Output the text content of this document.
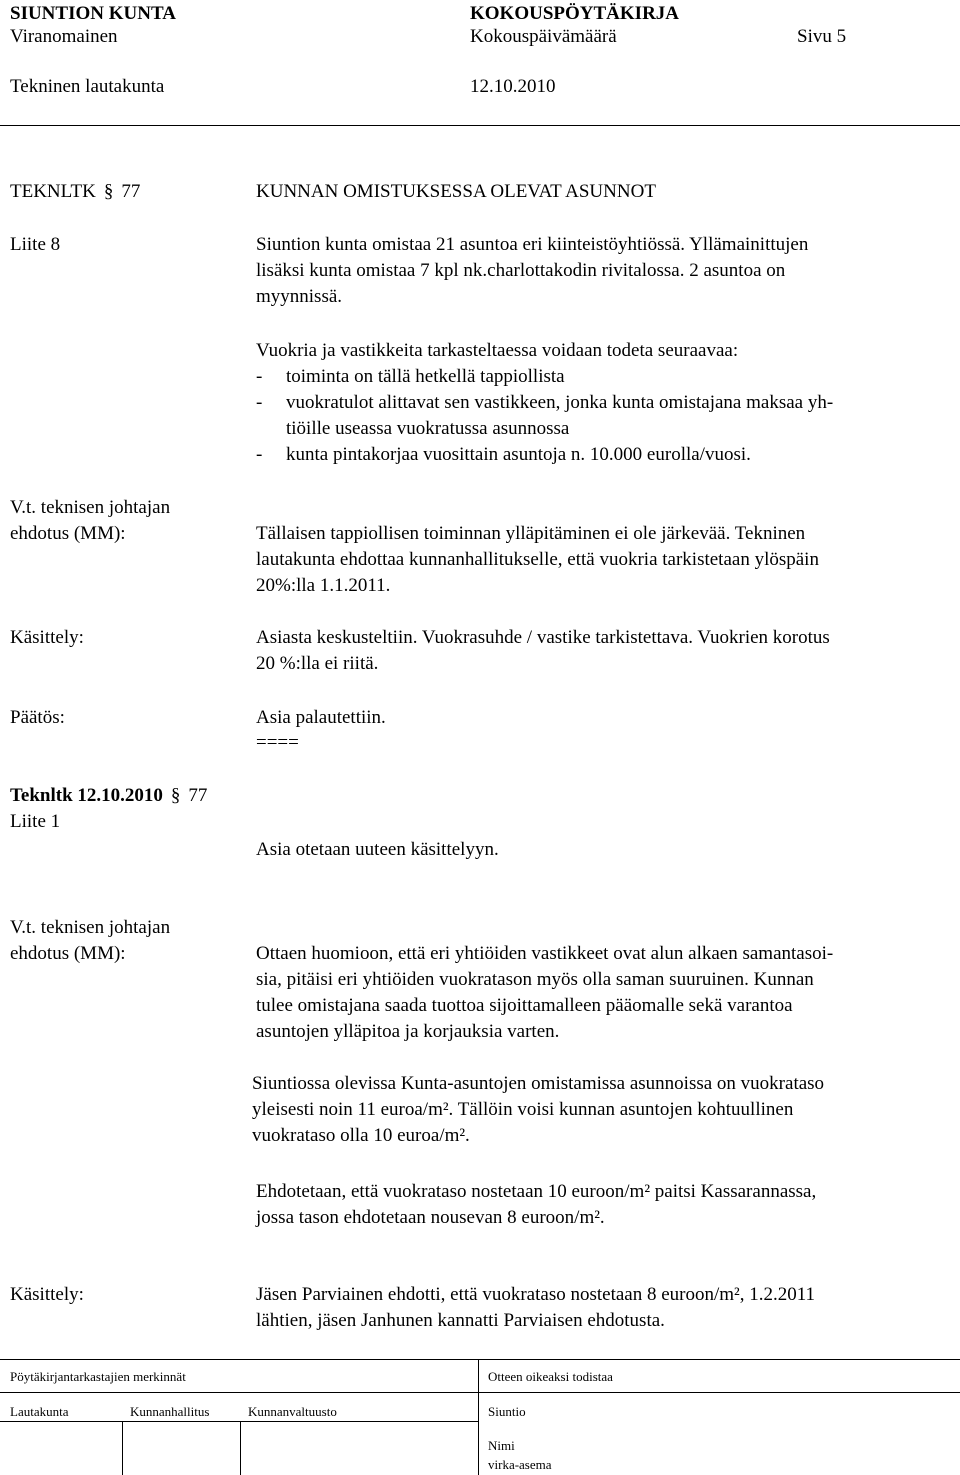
SIUNTION KUNTA	KOKOUSPÖYTÄKIRJA
Viranomainen	Kokouspäivämäärä	Sivu 5
Tekninen lautakunta	12.10.2010
TEKNLTK § 77	KUNNAN OMISTUKSESSA OLEVAT ASUNNOT
Liite 8	Siuntion kunta omistaa 21 asuntoa eri kiinteistöyhtiössä. Yllämainittujen
lisäksi kunta omistaa 7 kpl nk.charlottakodin rivitalossa. 2 asuntoa on
myynnissä.
Vuokria ja vastikkeita tarkasteltaessa voidaan todeta seuraavaa:
- toiminta on tällä hetkellä tappiollista
- vuokratulot alittavat sen vastikkeen, jonka kunta omistajana maksaa yh-
tiöille useassa vuokratussa asunnossa
- kunta pintakorjaa vuosittain asuntoja n. 10.000 eurolla/vuosi.
V.t. teknisen johtajan
ehdotus (MM):	Tällaisen tappiollisen toiminnan ylläpitäminen ei ole järkevää. Tekninen
lautakunta ehdottaa kunnanhallitukselle, että vuokria tarkistetaan ylöspäin
20%:lla 1.1.2011.
Käsittely:	Asiasta keskusteltiin. Vuokrasuhde / vastike tarkistettava. Vuokrien korotus
20 %:lla ei riitä.
Päätös:	Asia palautettiin.
====
Teknltk 12.10.2010 § 77
Liite 1
Asia otetaan uuteen käsittelyyn.
V.t. teknisen johtajan
ehdotus (MM):	Ottaen huomioon, että eri yhtiöiden vastikkeet ovat alun alkaen samantasoi-
sia, pitäisi eri yhtiöiden vuokratason myös olla saman suuruinen. Kunnan
tulee omistajana saada tuottoa sijoittamalleen pääomalle sekä varantoa
asuntojen ylläpitoa ja korjauksia varten.
Siuntiossa olevissa Kunta-asuntojen omistamissa asunnoissa on vuokrataso
yleisesti noin 11 euroa/m². Tällöin voisi kunnan asuntojen kohtuullinen
vuokrataso olla 10 euroa/m².
Ehdotetaan, että vuokrataso nostetaan 10 euroon/m² paitsi Kassarannassa,
jossa tason ehdotetaan nousevan 8 euroon/m².
Käsittely:	Jäsen Parviainen ehdotti, että vuokrataso nostetaan 8 euroon/m², 1.2.2011
lähtien, jäsen Janhunen kannatti Parviaisen ehdotusta.
Pöytäkirjantarkastajien merkinnät	Otteen oikeaksi todistaa
Lautakunta	Kunnanhallitus	Kunnanvaltuusto	Siuntio
Nimi
virka-asema
